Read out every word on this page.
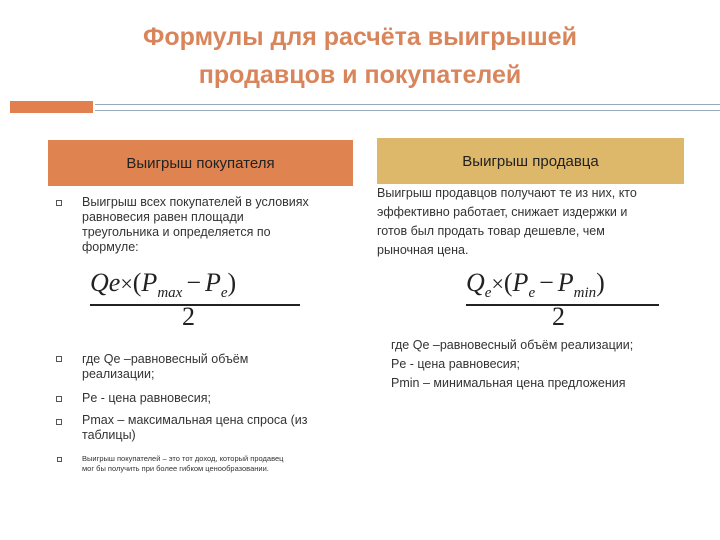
Формулы для расчёта выигрышей
продавцов и покупателей
Выигрыш покупателя	Выигрыш продавца
Выигрыш всех покупателей в условиях
равновесия равен площади
треугольника и определяется по
формуле:
$Qe\times(P_{max} - P_e)$
2
где Qe –равновесный объём
реализации;
Pe - цена равновесия;
Pmax – максимальная цена спроса (из
таблицы)
Выигрыш покупателей – это тот доход, который продавец
мог бы получить при более гибком ценообразовании.
Выигрыш продавцов получают те из них, кто
эффективно работает, снижает издержки и
готов был продать товар дешевле, чем
рыночная цена.
$Q_e\times(P_e - P_{min})$
2
где Qe –равновесный объём реализации;
Pe - цена равновесия;
Pmin – минимальная цена предложения
